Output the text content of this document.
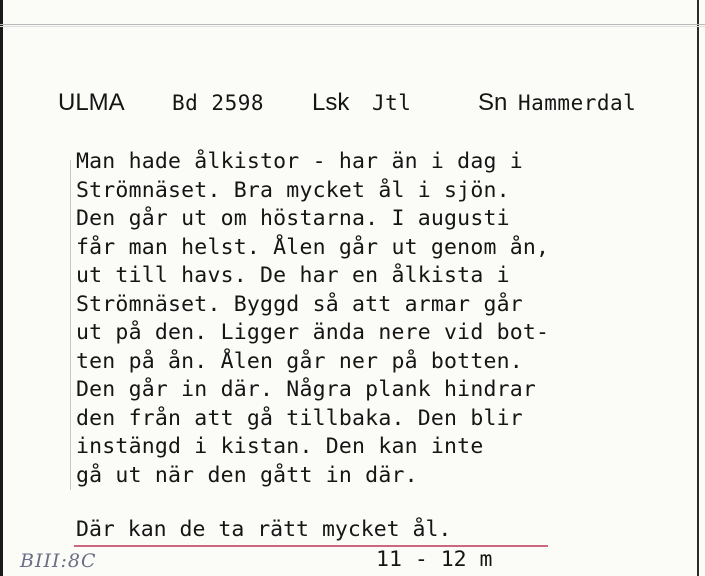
ULMA Bd 2598 Lsk Jtl	Sn Hammerdal
Man hade ålkistor - har än i dag i
Strömnäset. Bra mycket ål i sjön.
Den går ut om höstarna. I augusti
får man helst. Ålen går ut genom ån,
ut till havs. De har en ålkista i
Strömnäset. Byggd så att armar går
ut på den. Ligger ända nere vid bot-
ten på ån. Ålen går ner på botten.
Den går in där. Några plank hindrar
den från att gå tillbaka. Den blir
instängd i kistan. Den kan inte
gå ut när den gått in där.
Där kan de ta rätt mycket ål.
BIII:8C	11 - 12 m
